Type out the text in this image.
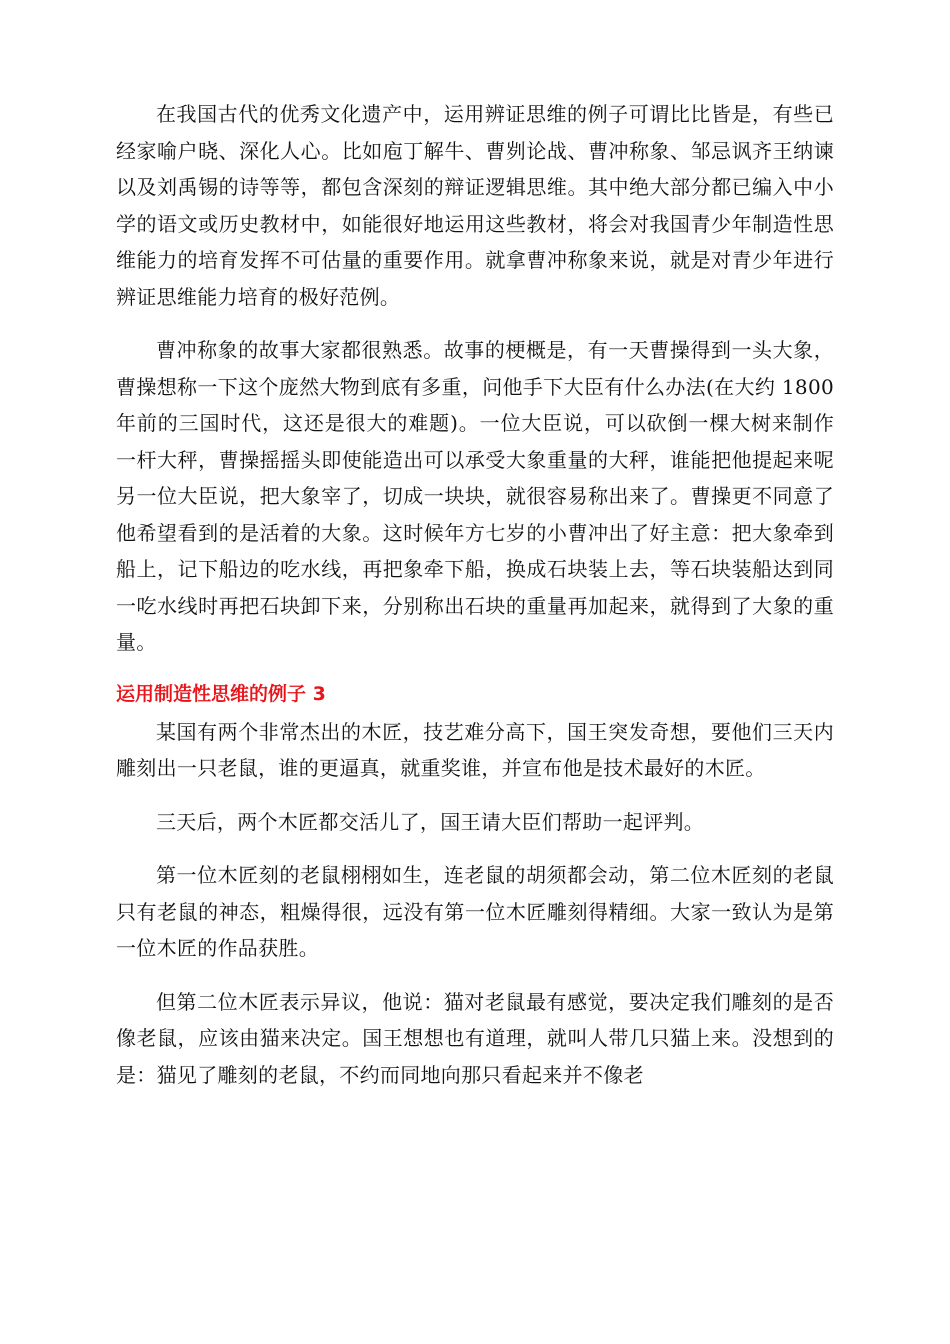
在我国古代的优秀文化遗产中，运用辨证思维的例子可谓比比皆是，有些已经家喻户晓、深化人心。比如庖丁解牛、曹刿论战、曹冲称象、邹忌讽齐王纳谏以及刘禹锡的诗等等，都包含深刻的辩证逻辑思维。其中绝大部分都已编入中小学的语文或历史教材中，如能很好地运用这些教材，将会对我国青少年制造性思维能力的培育发挥不可估量的重要作用。就拿曹冲称象来说，就是对青少年进行辨证思维能力培育的极好范例。

曹冲称象的故事大家都很熟悉。故事的梗概是，有一天曹操得到一头大象，曹操想称一下这个庞然大物到底有多重，问他手下大臣有什么办法(在大约 1800 年前的三国时代，这还是很大的难题)。一位大臣说，可以砍倒一棵大树来制作一杆大秤，曹操摇摇头即使能造出可以承受大象重量的大秤，谁能把他提起来呢另一位大臣说，把大象宰了，切成一块块，就很容易称出来了。曹操更不同意了他希望看到的是活着的大象。这时候年方七岁的小曹冲出了好主意：把大象牵到船上，记下船边的吃水线，再把象牵下船，换成石块装上去，等石块装船达到同一吃水线时再把石块卸下来，分别称出石块的重量再加起来，就得到了大象的重量。

运用制造性思维的例子 3

某国有两个非常杰出的木匠，技艺难分高下，国王突发奇想，要他们三天内雕刻出一只老鼠，谁的更逼真，就重奖谁，并宣布他是技术最好的木匠。

三天后，两个木匠都交活儿了，国王请大臣们帮助一起评判。

第一位木匠刻的老鼠栩栩如生，连老鼠的胡须都会动，第二位木匠刻的老鼠只有老鼠的神态，粗燥得很，远没有第一位木匠雕刻得精细。大家一致认为是第一位木匠的作品获胜。

但第二位木匠表示异议，他说：猫对老鼠最有感觉，要决定我们雕刻的是否像老鼠，应该由猫来决定。国王想想也有道理，就叫人带几只猫上来。没想到的是：猫见了雕刻的老鼠，不约而同地向那只看起来并不像老
